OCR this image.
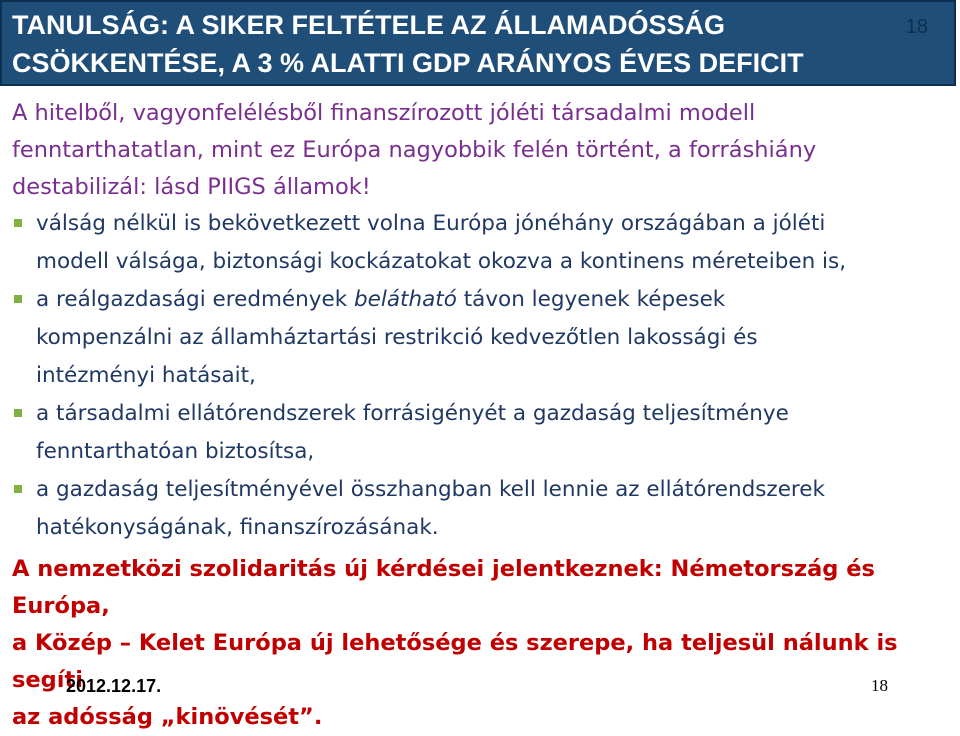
TANULSÁG: A SIKER FELTÉTELE AZ ÁLLAMADÓSSÁG
CSÖKKENTÉSE, A 3 % ALATTI GDP ARÁNYOS ÉVES DEFICIT
18
A hitelből, vagyonfelélésből finanszírozott jóléti társadalmi modell
fenntarthatatlan, mint ez Európa nagyobbik felén történt, a forráshiány
destabilizál: lásd PIIGS államok!
válság nélkül is bekövetkezett volna Európa jónéhány országában a jóléti
modell válsága, biztonsági kockázatokat okozva a kontinens méreteiben is,
a reálgazdasági eredmények belátható távon legyenek képesek
kompenzálni az államháztartási restrikció kedvezőtlen lakossági és
intézményi hatásait,
a társadalmi ellátórendszerek forrásigényét a gazdaság teljesítménye
fenntarthatóan biztosítsa,
a gazdaság teljesítményével összhangban kell lennie az ellátórendszerek
hatékonyságának, finanszírozásának.
A nemzetközi szolidaritás új kérdései jelentkeznek: Németország és Európa,
a Közép – Kelet Európa új lehetősége és szerepe, ha teljesül nálunk is segíti
az adósság „kinövését”.
2012.12.17.	18
